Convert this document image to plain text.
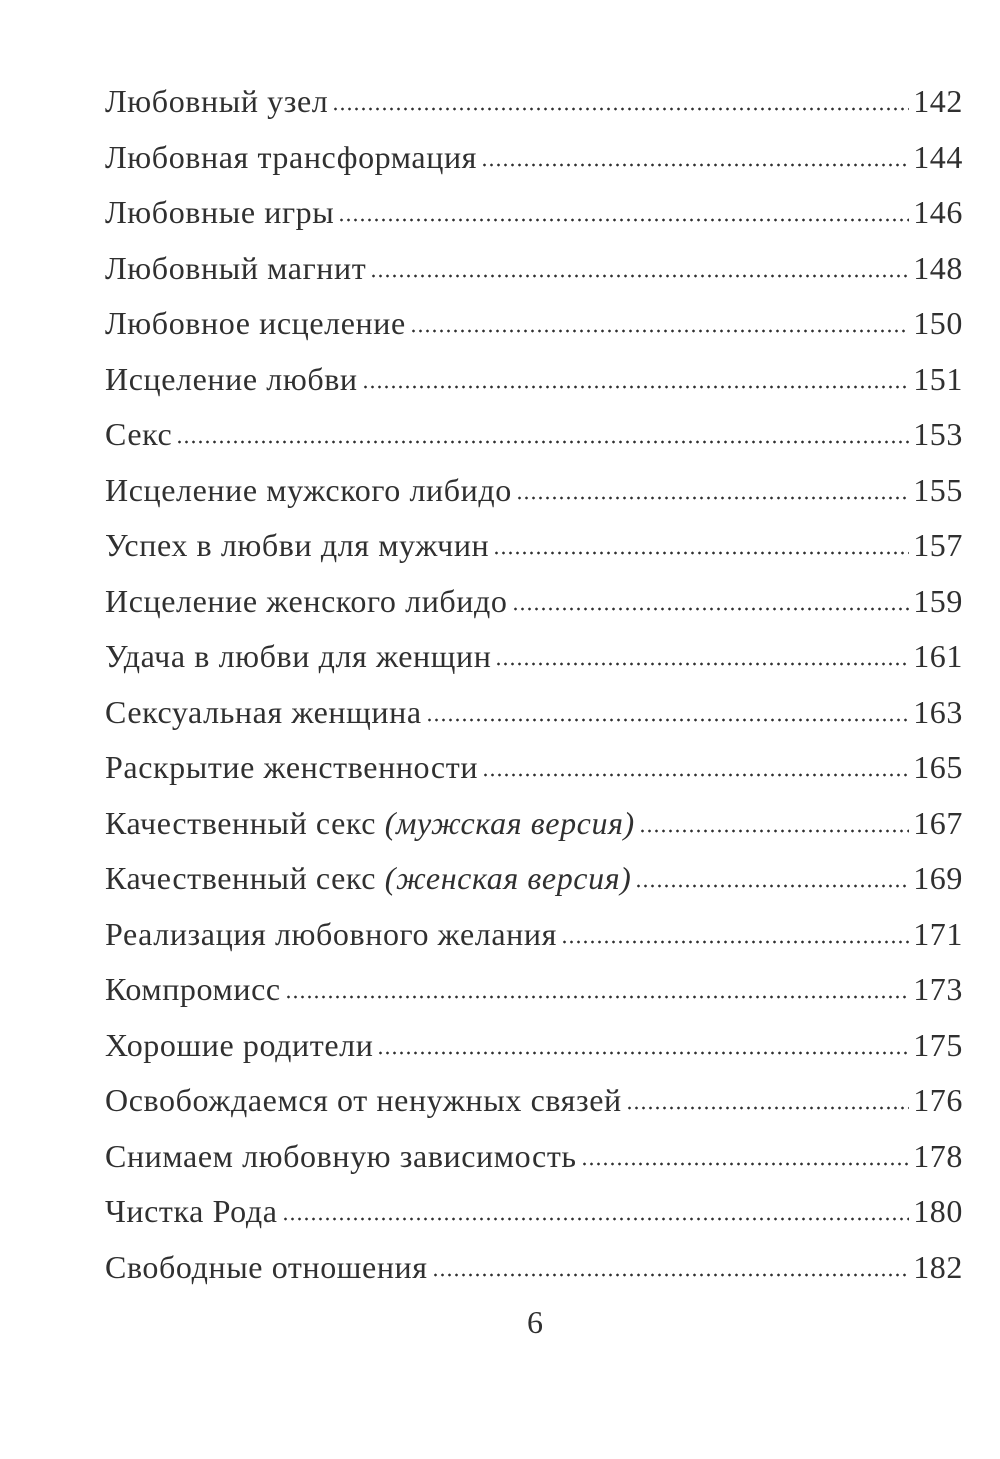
Любовный узел	142
Любовная трансформация	144
Любовные игры	146
Любовный магнит	148
Любовное исцеление	150
Исцеление любви	151
Секс	153
Исцеление мужского либидо	155
Успех в любви для мужчин	157
Исцеление женского либидо	159
Удача в любви для женщин	161
Сексуальная женщина	163
Раскрытие женственности	165
Качественный секс (мужская версия)	167
Качественный секс (женская версия)	169
Реализация любовного желания	171
Компромисс	173
Хорошие родители	175
Освобождаемся от ненужных связей	176
Снимаем любовную зависимость	178
Чистка Рода	180
Свободные отношения	182
6
